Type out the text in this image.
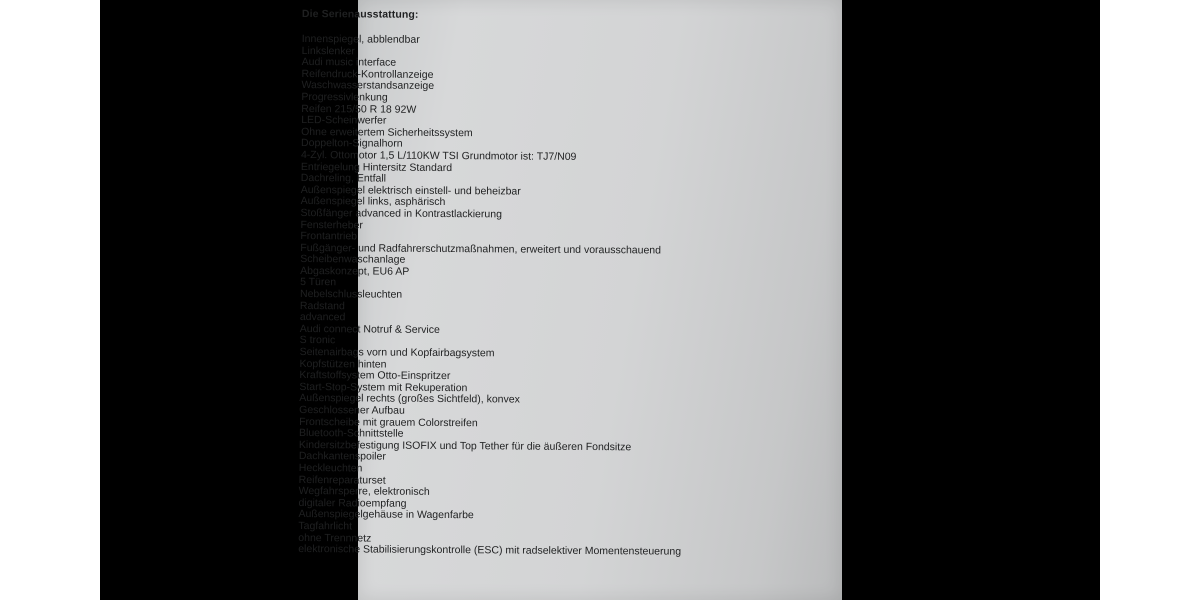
Die Serienausstattung:
Innenspiegel, abblendbar
Linkslenker
Audi music interface
Reifendruck-Kontrollanzeige
Waschwasserstandsanzeige
Progressivlenkung
Reifen 215/50 R 18 92W
LED-Scheinwerfer
Ohne erweitertem Sicherheitssystem
Doppelton-Signalhorn
4-Zyl. Ottomotor 1,5 L/110KW TSI Grundmotor ist: TJ7/N09
Entriegelung Hintersitz Standard
Dachreling, Entfall
Außenspiegel elektrisch einstell- und beheizbar
Außenspiegel links, asphärisch
Stoßfänger advanced in Kontrastlackierung
Fensterheber
Frontantrieb
Fußgänger- und Radfahrerschutzmaßnahmen, erweitert und vorausschauend
Scheibenwaschanlage
Abgaskonzept, EU6 AP
5 Türen
Nebelschlussleuchten
Radstand
advanced
Audi connect Notruf & Service
S tronic
Seitenairbags vorn und Kopfairbagsystem
Kopfstützen hinten
Kraftstoffsystem Otto-Einspritzer
Start-Stop-System mit Rekuperation
Außenspiegel rechts (großes Sichtfeld), konvex
Geschlossener Aufbau
Frontscheibe mit grauem Colorstreifen
Bluetooth-Schnittstelle
Kindersitzbefestigung ISOFIX und Top Tether für die äußeren Fondsitze
Dachkantenspoiler
Heckleuchten
Reifenreparaturset
Wegfahrsperre, elektronisch
digitaler Radioempfang
Außenspiegelgehäuse in Wagenfarbe
Tagfahrlicht
ohne Trennnetz
elektronische Stabilisierungskontrolle (ESC) mit radselektiver Momentensteuerung
